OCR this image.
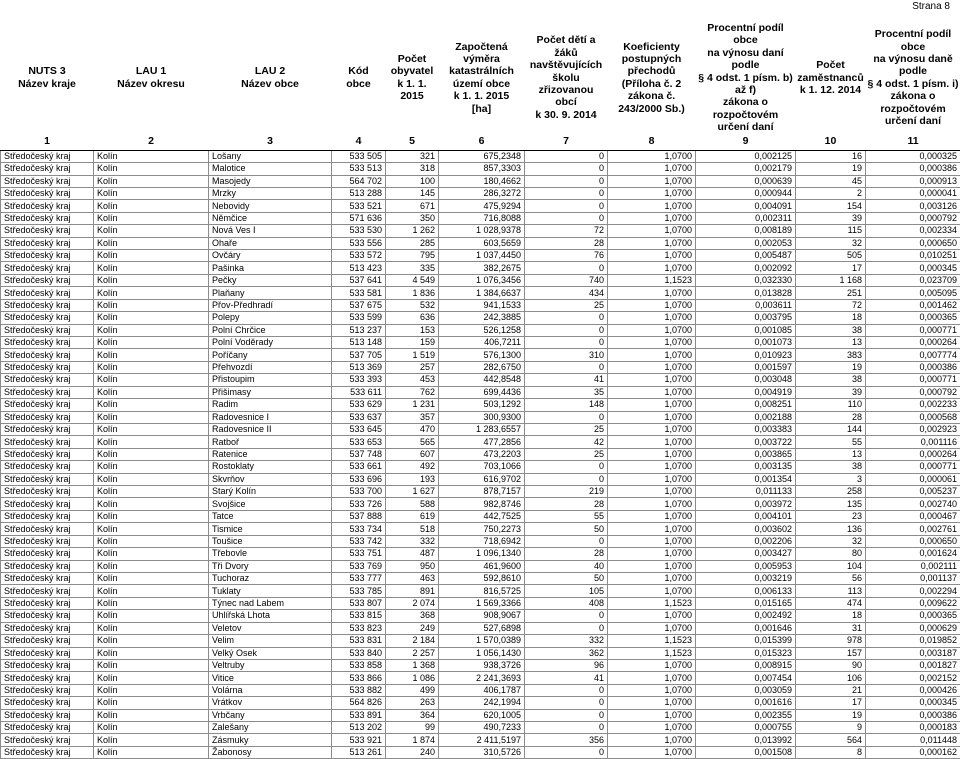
Strana 8
NUTS 3
Název kraje	LAU 1
Název okresu	LAU 2
Název obce	Kód
obce	Počet
obyvatel
k 1. 1. 2015	Započtená výměra
katastrálních
území obce
k 1. 1. 2015
[ha]	Počet dětí a žáků
navštěvujících
školu zřizovanou
obcí
k 30. 9. 2014	Koeficienty
postupných
přechodů
(Příloha č. 2
zákona č. 243/2000 Sb.)	Procentní podíl obce
na výnosu daní podle
§ 4 odst. 1 písm. b) až f)
zákona o rozpočtovém
určení daní	Počet
zaměstnanců
k 1. 12. 2014	Procentní podíl obce
na výnosu daně podle
§ 4 odst. 1 písm. i)
zákona o rozpočtovém
určení daní
1	2	3	4	5	6	7	8	9	10	11
Středočeský kraj	Kolín	Lošany	533 505	321	675,2348	0	1,0700	0,002125	16	0,000325
Středočeský kraj	Kolín	Malotice	533 513	318	857,3303	0	1,0700	0,002179	19	0,000386
Středočeský kraj	Kolín	Masojedy	564 702	100	180,4662	0	1,0700	0,000639	45	0,000913
Středočeský kraj	Kolín	Mrzky	513 288	145	286,3272	0	1,0700	0,000944	2	0,000041
Středočeský kraj	Kolín	Nebovidy	533 521	671	475,9294	0	1,0700	0,004091	154	0,003126
Středočeský kraj	Kolín	Němčice	571 636	350	716,8088	0	1,0700	0,002311	39	0,000792
Středočeský kraj	Kolín	Nová Ves I	533 530	1 262	1 028,9378	72	1,0700	0,008189	115	0,002334
Středočeský kraj	Kolín	Ohaře	533 556	285	603,5659	28	1,0700	0,002053	32	0,000650
Středočeský kraj	Kolín	Ovčáry	533 572	795	1 037,4450	76	1,0700	0,005487	505	0,010251
Středočeský kraj	Kolín	Pašinka	513 423	335	382,2675	0	1,0700	0,002092	17	0,000345
Středočeský kraj	Kolín	Pečky	537 641	4 549	1 076,3456	740	1,1523	0,032330	1 168	0,023709
Středočeský kraj	Kolín	Plaňany	533 581	1 836	1 384,6637	434	1,0700	0,013828	251	0,005095
Středočeský kraj	Kolín	Přov-Předhradí	537 675	532	941,1533	25	1,0700	0,003611	72	0,001462
Středočeský kraj	Kolín	Polepy	533 599	636	242,3885	0	1,0700	0,003795	18	0,000365
Středočeský kraj	Kolín	Polní Chrčice	513 237	153	526,1258	0	1,0700	0,001085	38	0,000771
Středočeský kraj	Kolín	Polní Voděrady	513 148	159	406,7211	0	1,0700	0,001073	13	0,000264
Středočeský kraj	Kolín	Poříčany	537 705	1 519	576,1300	310	1,0700	0,010923	383	0,007774
Středočeský kraj	Kolín	Přehvozdí	513 369	257	282,6750	0	1,0700	0,001597	19	0,000386
Středočeský kraj	Kolín	Přistoupim	533 393	453	442,8548	41	1,0700	0,003048	38	0,000771
Středočeský kraj	Kolín	Přišimasy	533 611	762	699,4436	35	1,0700	0,004919	39	0,000792
Středočeský kraj	Kolín	Radim	533 629	1 231	503,1292	148	1,0700	0,008251	110	0,002233
Středočeský kraj	Kolín	Radovesnice I	533 637	357	300,9300	0	1,0700	0,002188	28	0,000568
Středočeský kraj	Kolín	Radovesnice II	533 645	470	1 283,6557	25	1,0700	0,003383	144	0,002923
Středočeský kraj	Kolín	Ratboř	533 653	565	477,2856	42	1,0700	0,003722	55	0,001116
Středočeský kraj	Kolín	Ratenice	537 748	607	473,2203	25	1,0700	0,003865	13	0,000264
Středočeský kraj	Kolín	Rostoklaty	533 661	492	703,1066	0	1,0700	0,003135	38	0,000771
Středočeský kraj	Kolín	Skvrňov	533 696	193	616,9702	0	1,0700	0,001354	3	0,000061
Středočeský kraj	Kolín	Starý Kolín	533 700	1 627	878,7157	219	1,0700	0,011133	258	0,005237
Středočeský kraj	Kolín	Svojšice	533 726	588	982,8746	28	1,0700	0,003972	135	0,002740
Středočeský kraj	Kolín	Tatce	537 888	619	442,7525	55	1,0700	0,004101	23	0,000467
Středočeský kraj	Kolín	Tismice	533 734	518	750,2273	50	1,0700	0,003602	136	0,002761
Středočeský kraj	Kolín	Toušice	533 742	332	718,6942	0	1,0700	0,002206	32	0,000650
Středočeský kraj	Kolín	Třebovle	533 751	487	1 096,1340	28	1,0700	0,003427	80	0,001624
Středočeský kraj	Kolín	Tři Dvory	533 769	950	461,9600	40	1,0700	0,005953	104	0,002111
Středočeský kraj	Kolín	Tuchoraz	533 777	463	592,8610	50	1,0700	0,003219	56	0,001137
Středočeský kraj	Kolín	Tuklaty	533 785	891	816,5725	105	1,0700	0,006133	113	0,002294
Středočeský kraj	Kolín	Týnec nad Labem	533 807	2 074	1 569,3366	408	1,1523	0,015165	474	0,009622
Středočeský kraj	Kolín	Uhlířská Lhota	533 815	368	908,9067	0	1,0700	0,002492	18	0,000365
Středočeský kraj	Kolín	Veletov	533 823	249	527,6898	0	1,0700	0,001646	31	0,000629
Středočeský kraj	Kolín	Velim	533 831	2 184	1 570,0389	332	1,1523	0,015399	978	0,019852
Středočeský kraj	Kolín	Velký Osek	533 840	2 257	1 056,1430	362	1,1523	0,015323	157	0,003187
Středočeský kraj	Kolín	Veltruby	533 858	1 368	938,3726	96	1,0700	0,008915	90	0,001827
Středočeský kraj	Kolín	Vitice	533 866	1 086	2 241,3693	41	1,0700	0,007454	106	0,002152
Středočeský kraj	Kolín	Volárna	533 882	499	406,1787	0	1,0700	0,003059	21	0,000426
Středočeský kraj	Kolín	Vrátkov	564 826	263	242,1994	0	1,0700	0,001616	17	0,000345
Středočeský kraj	Kolín	Vrbčany	533 891	364	620,1005	0	1,0700	0,002355	19	0,000386
Středočeský kraj	Kolín	Zalešany	513 202	99	490,7233	0	1,0700	0,000755	9	0,000183
Středočeský kraj	Kolín	Zásmuky	533 921	1 874	2 411,5197	356	1,0700	0,013992	564	0,011448
Středočeský kraj	Kolín	Žabonosy	513 261	240	310,5726	0	1,0700	0,001508	8	0,000162
